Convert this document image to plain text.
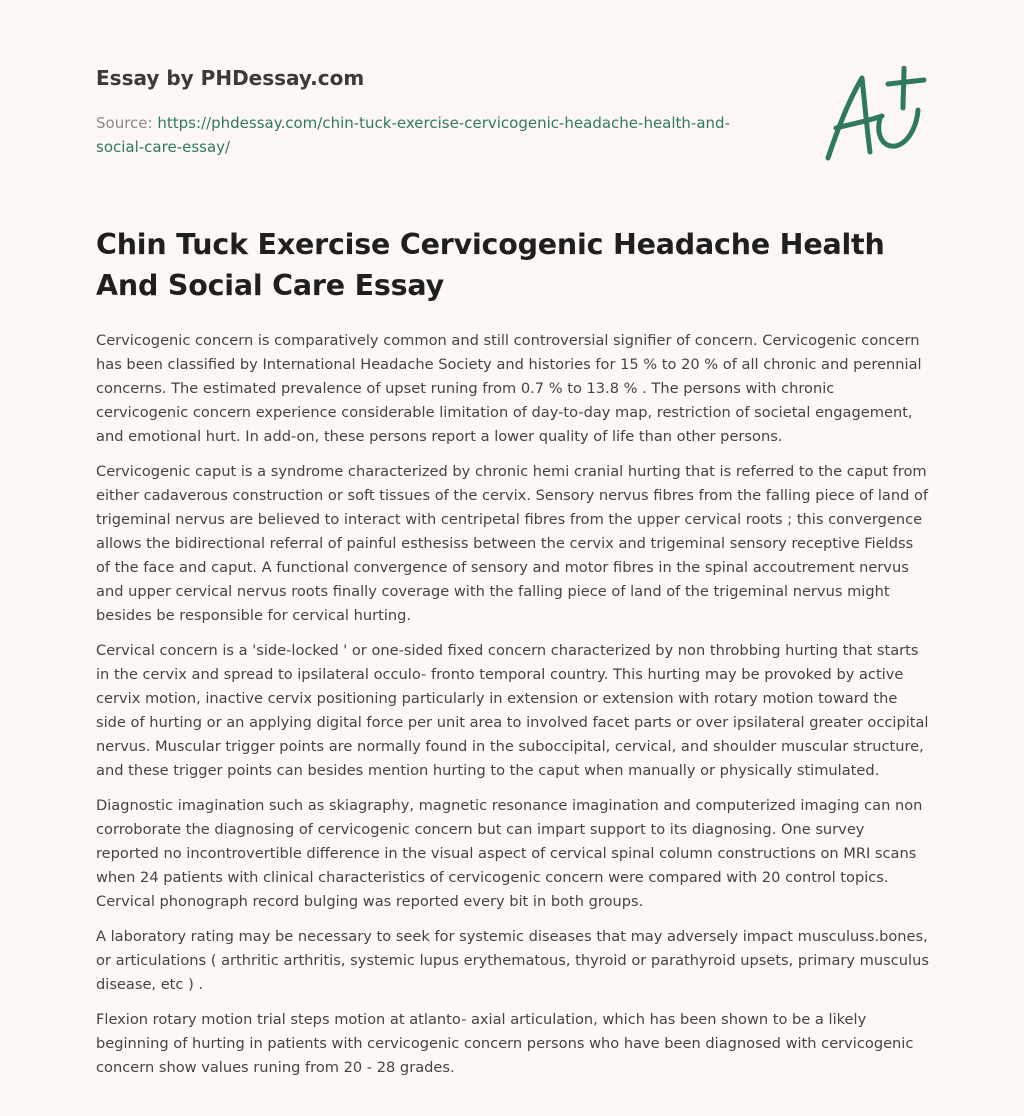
Essay by PHDessay.com

Source: https://phdessay.com/chin-tuck-exercise-cervicogenic-headache-health-and-social-care-essay/
Chin Tuck Exercise Cervicogenic Headache Health And Social Care Essay

Cervicogenic concern is comparatively common and still controversial signifier of concern. Cervicogenic concern has been classified by International Headache Society and histories for 15 % to 20 % of all chronic and perennial concerns. The estimated prevalence of upset runing from 0.7 % to 13.8 % . The persons with chronic cervicogenic concern experience considerable limitation of day-to-day map, restriction of societal engagement, and emotional hurt. In add-on, these persons report a lower quality of life than other persons.

Cervicogenic caput is a syndrome characterized by chronic hemi cranial hurting that is referred to the caput from either cadaverous construction or soft tissues of the cervix. Sensory nervus fibres from the falling piece of land of trigeminal nervus are believed to interact with centripetal fibres from the upper cervical roots ; this convergence allows the bidirectional referral of painful esthesiss between the cervix and trigeminal sensory receptive Fieldss of the face and caput. A functional convergence of sensory and motor fibres in the spinal accoutrement nervus and upper cervical nervus roots finally coverage with the falling piece of land of the trigeminal nervus might besides be responsible for cervical hurting.

Cervical concern is a 'side-locked ' or one-sided fixed concern characterized by non throbbing hurting that starts in the cervix and spread to ipsilateral occulo- fronto temporal country. This hurting may be provoked by active cervix motion, inactive cervix positioning particularly in extension or extension with rotary motion toward the side of hurting or an applying digital force per unit area to involved facet parts or over ipsilateral greater occipital nervus. Muscular trigger points are normally found in the suboccipital, cervical, and shoulder muscular structure, and these trigger points can besides mention hurting to the caput when manually or physically stimulated.

Diagnostic imagination such as skiagraphy, magnetic resonance imagination and computerized imaging can non corroborate the diagnosing of cervicogenic concern but can impart support to its diagnosing. One survey reported no incontrovertible difference in the visual aspect of cervical spinal column constructions on MRI scans when 24 patients with clinical characteristics of cervicogenic concern were compared with 20 control topics. Cervical phonograph record bulging was reported every bit in both groups.

A laboratory rating may be necessary to seek for systemic diseases that may adversely impact musculuss.bones, or articulations ( arthritic arthritis, systemic lupus erythematous, thyroid or parathyroid upsets, primary musculus disease, etc ) .

Flexion rotary motion trial steps motion at atlanto- axial articulation, which has been shown to be a likely beginning of hurting in patients with cervicogenic concern persons who have been diagnosed with cervicogenic concern show values runing from 20 - 28 grades.
